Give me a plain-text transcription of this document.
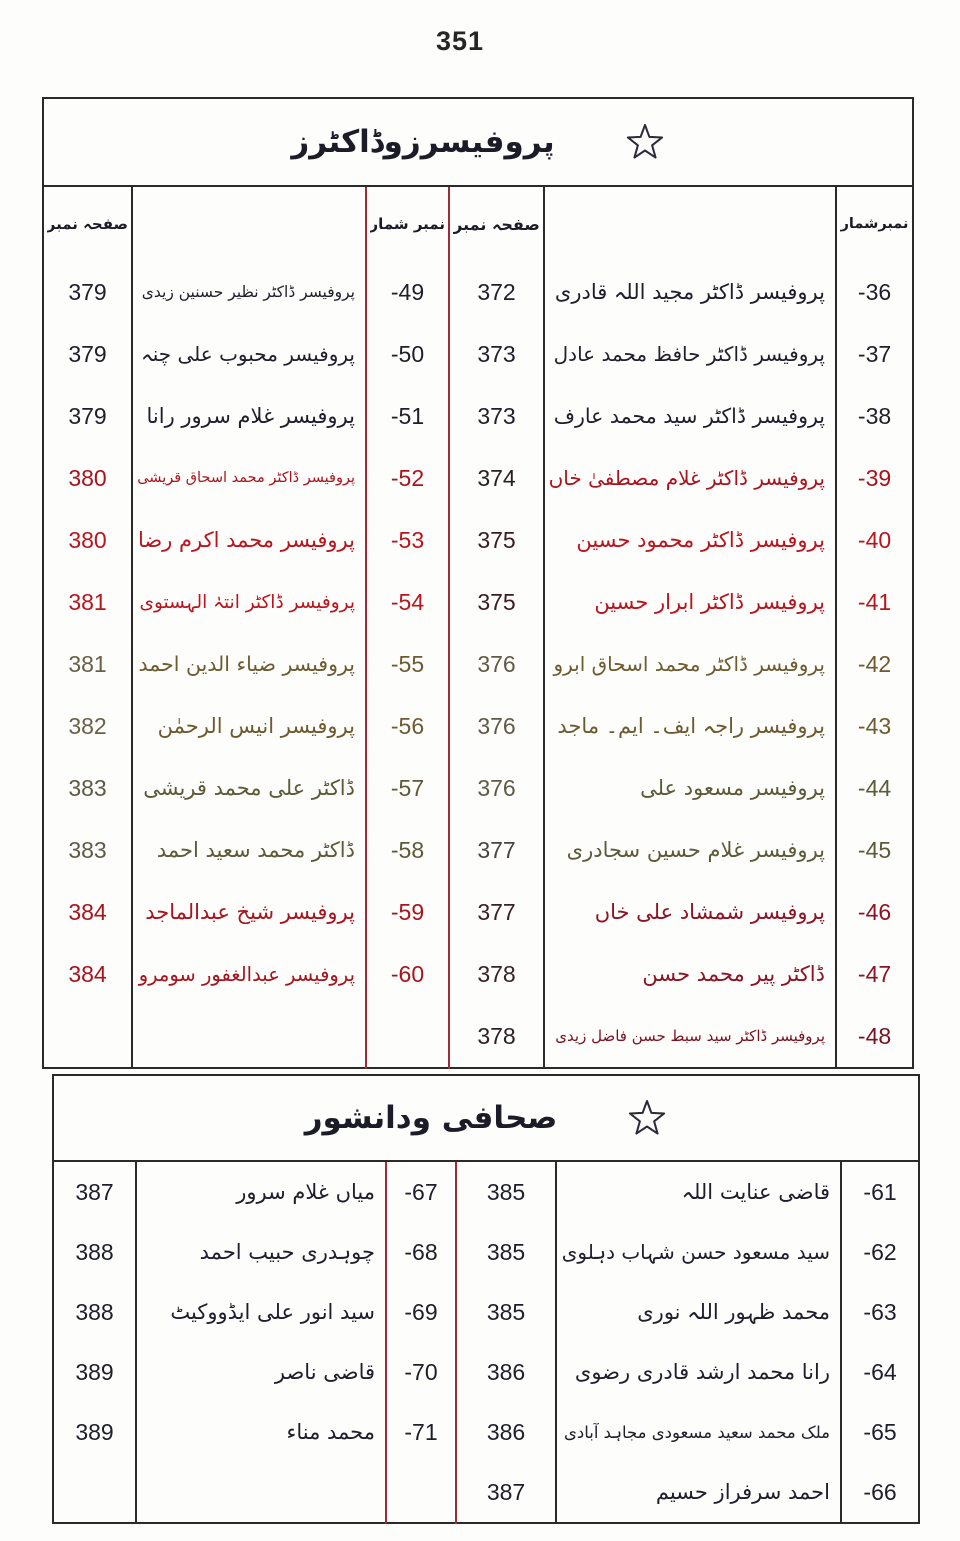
351
پروفیسرزوڈاکٹرز					

صفحہ نمبر		نمبر شمار	صفحہ نمبر		نمبرشمار

379	پروفیسر ڈاکٹر نظیر حسنین زیدی	-49	372	پروفیسر ڈاکٹر مجید اللہ قادری	-36
379	پروفیسر محبوب علی چنہ	-50	373	پروفیسر ڈاکٹر حافظ محمد عادل	-37
379	پروفیسر غلام سرور رانا	-51	373	پروفیسر ڈاکٹر سید محمد عارف	-38
380	پروفیسر ڈاکٹر محمد اسحاق قریشی	-52	374	پروفیسر ڈاکٹر غلام مصطفیٰ خاں	-39
380	پروفیسر محمد اکرم رضا	-53	375	پروفیسر ڈاکٹر محمود حسین	-40
381	پروفیسر ڈاکٹر انتہٰ الہستوی	-54	375	پروفیسر ڈاکٹر ابرار حسین	-41
381	پروفیسر ضیاء الدین احمد	-55	376	پروفیسر ڈاکٹر محمد اسحاق ابرو	-42
382	پروفیسر انیس الرحمٰن	-56	376	پروفیسر راجہ ایف۔ ایم۔ ماجد	-43
383	ڈاکٹر علی محمد قریشی	-57	376	پروفیسر مسعود علی	-44
383	ڈاکٹر محمد سعید احمد	-58	377	پروفیسر غلام حسین سجادری	-45
384	پروفیسر شیخ عبدالماجد	-59	377	پروفیسر شمشاد علی خاں	-46
384	پروفیسر عبدالغفور سومرو	-60	378	ڈاکٹر پیر محمد حسن	-47
			378	پروفیسر ڈاکٹر سید سبط حسن فاضل زیدی	-48
صحافی ودانشور					

387	میاں غلام سرور	-67	385	قاضی عنایت اللہ	-61
388	چوہدری حبیب احمد	-68	385	سید مسعود حسن شہاب دہلوی	-62
388	سید انور علی ایڈووکیٹ	-69	385	محمد ظہور اللہ نوری	-63
389	قاضی ناصر	-70	386	رانا محمد ارشد قادری رضوی	-64
389	محمد مناء	-71	386	ملک محمد سعید مسعودی مجاہد آبادی	-65
			387	احمد سرفراز حسیم	-66
